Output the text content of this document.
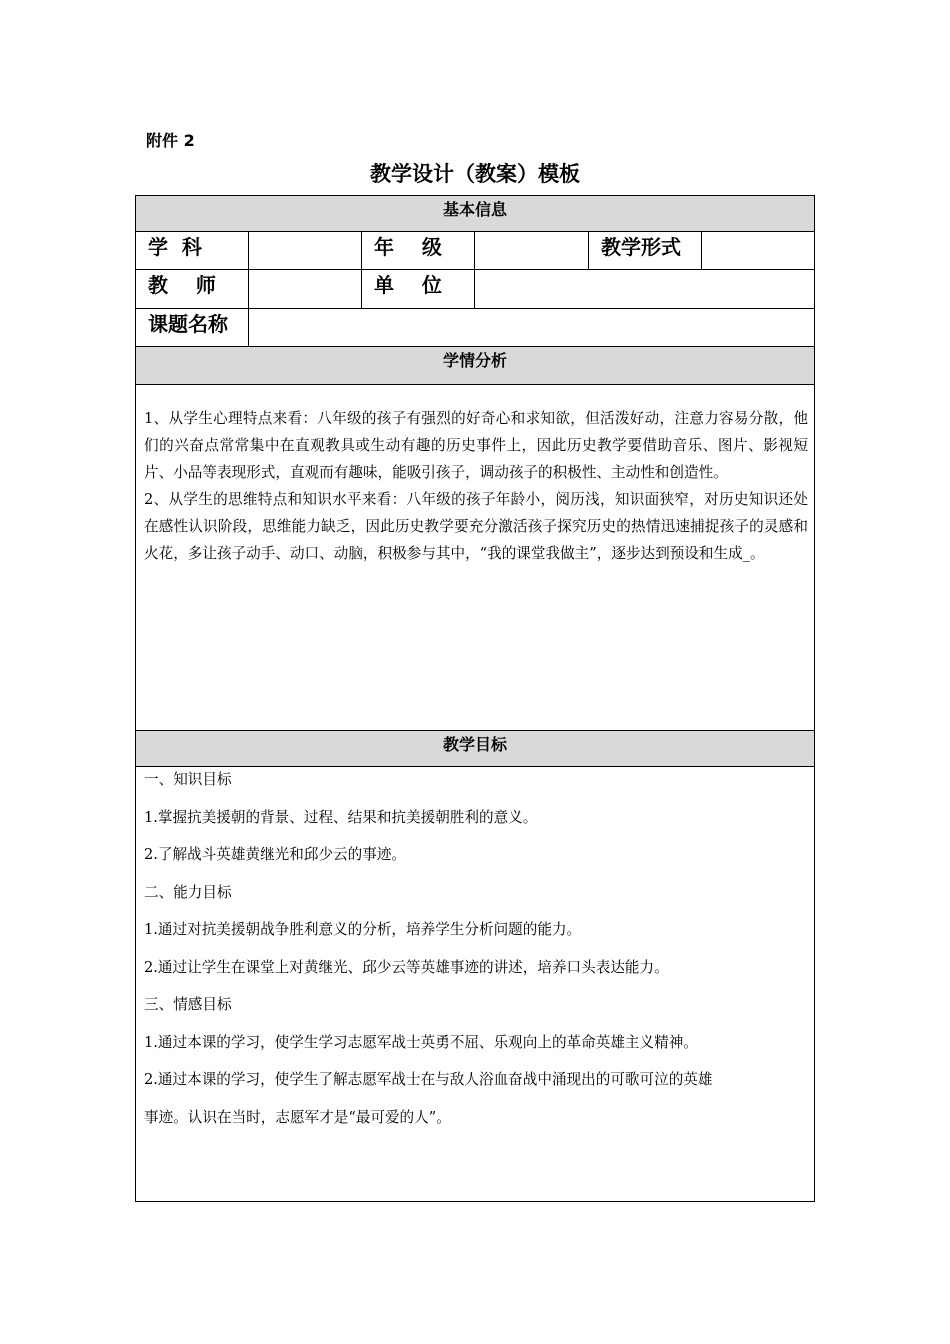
附件 2
教学设计（教案）模板
基本信息
学  科	年    级	教学形式
教    师	单    位
课题名称
学情分析

1、从学生心理特点来看：八年级的孩子有强烈的好奇心和求知欲，但活泼好动，注意力容易分散，他们的兴奋点常常集中在直观教具或生动有趣的历史事件上，因此历史教学要借助音乐、图片、影视短片、小品等表现形式，直观而有趣味，能吸引孩子，调动孩子的积极性、主动性和创造性。

2、从学生的思维特点和知识水平来看：八年级的孩子年龄小，阅历浅，知识面狭窄，对历史知识还处在感性认识阶段，思维能力缺乏，因此历史教学要充分激活孩子探究历史的热情迅速捕捉孩子的灵感和火花，多让孩子动手、动口、动脑，积极参与其中，“我的课堂我做主”，逐步达到预设和生成_。

教学目标

一、知识目标

1.掌握抗美援朝的背景、过程、结果和抗美援朝胜利的意义。

2.了解战斗英雄黄继光和邱少云的事迹。

二、能力目标

1.通过对抗美援朝战争胜利意义的分析，培养学生分析问题的能力。

2.通过让学生在课堂上对黄继光、邱少云等英雄事迹的讲述，培养口头表达能力。

三、情感目标

1.通过本课的学习，使学生学习志愿军战士英勇不屈、乐观向上的革命英雄主义精神。

2.通过本课的学习，使学生了解志愿军战士在与敌人浴血奋战中涌现出的可歌可泣的英雄

事迹。认识在当时，志愿军才是“最可爱的人”。
